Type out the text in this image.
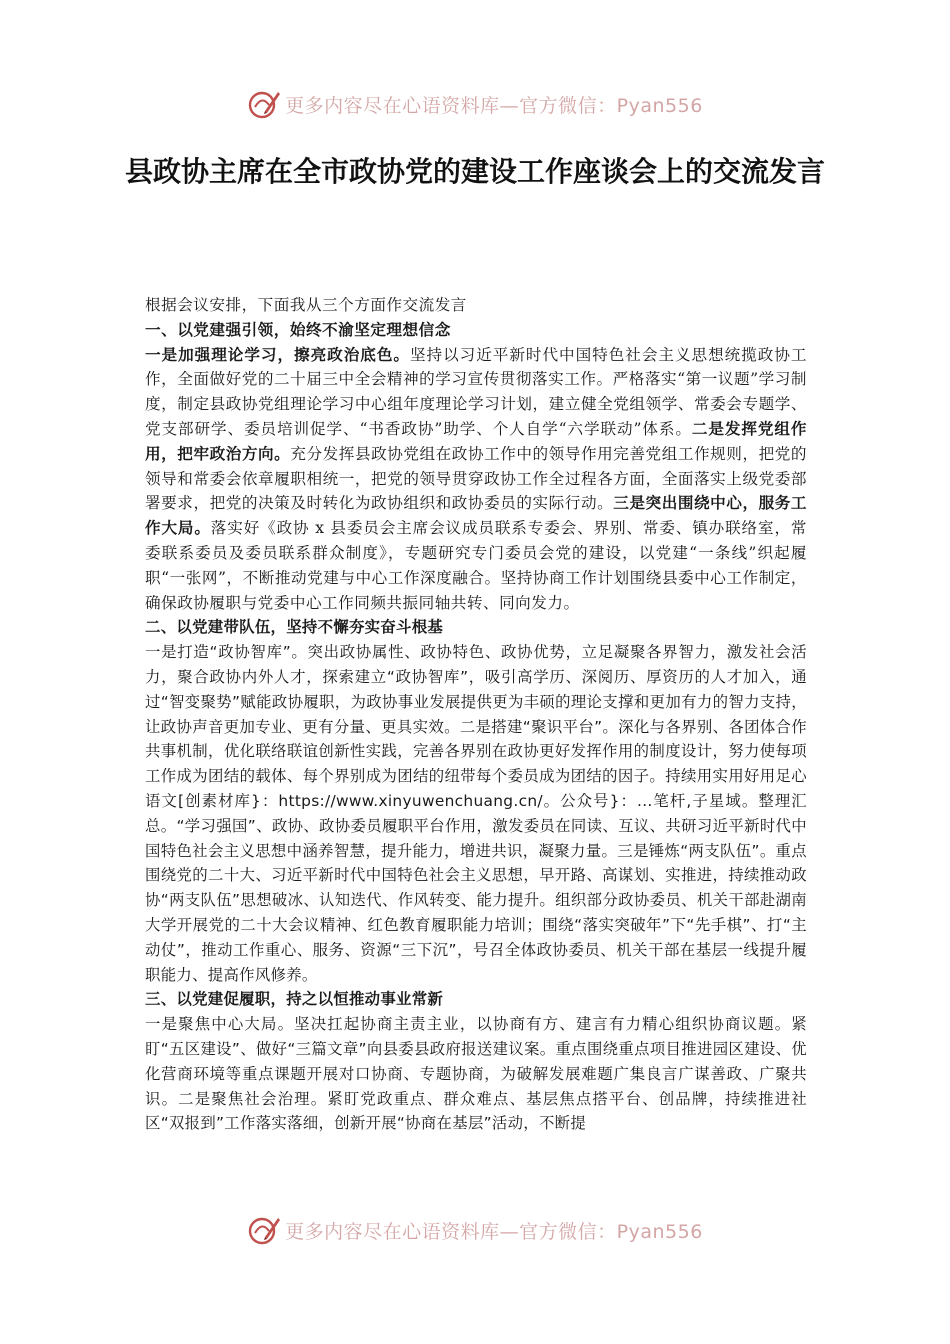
更多内容尽在心语资料库—官方微信：Pyan556
县政协主席在全市政协党的建设工作座谈会上的交流发言

根据会议安排，下面我从三个方面作交流发言

一、以党建强引领，始终不渝坚定理想信念

一是加强理论学习，擦亮政治底色。坚持以习近平新时代中国特色社会主义思想统揽政协工作，全面做好党的二十届三中全会精神的学习宣传贯彻落实工作。严格落实“第一议题”学习制度，制定县政协党组理论学习中心组年度理论学习计划，建立健全党组领学、常委会专题学、党支部研学、委员培训促学、“书香政协”助学、个人自学“六学联动”体系。二是发挥党组作用，把牢政治方向。充分发挥县政协党组在政协工作中的领导作用完善党组工作规则，把党的领导和常委会依章履职相统一，把党的领导贯穿政协工作全过程各方面，全面落实上级党委部署要求，把党的决策及时转化为政协组织和政协委员的实际行动。三是突出围绕中心，服务工作大局。落实好《政协 x 县委员会主席会议成员联系专委会、界别、常委、镇办联络室，常委联系委员及委员联系群众制度》，专题研究专门委员会党的建设，以党建“一条线”织起履职“一张网”，不断推动党建与中心工作深度融合。坚持协商工作计划围绕县委中心工作制定，确保政协履职与党委中心工作同频共振同轴共转、同向发力。

二、以党建带队伍，坚持不懈夯实奋斗根基

一是打造“政协智库”。突出政协属性、政协特色、政协优势，立足凝聚各界智力，激发社会活力，聚合政协内外人才，探索建立“政协智库”，吸引高学历、深阅历、厚资历的人才加入，通过“智变聚势”赋能政协履职，为政协事业发展提供更为丰硕的理论支撑和更加有力的智力支持，让政协声音更加专业、更有分量、更具实效。二是搭建“聚识平台”。深化与各界别、各团体合作共事机制，优化联络联谊创新性实践，完善各界别在政协更好发挥作用的制度设计，努力使每项工作成为团结的载体、每个界别成为团结的纽带每个委员成为团结的因子。持续用实用好用足心语文[创素材库}：https://www.xinyuwenchuang.cn/。公众号}：...笔杆,子星域。整理汇总。“学习强国”、政协、政协委员履职平台作用，激发委员在同读、互议、共研习近平新时代中国特色社会主义思想中涵养智慧，提升能力，增进共识，凝聚力量。三是锤炼“两支队伍”。重点围绕党的二十大、习近平新时代中国特色社会主义思想，早开路、高谋划、实推进，持续推动政协“两支队伍”思想破冰、认知迭代、作风转变、能力提升。组织部分政协委员、机关干部赴湖南大学开展党的二十大会议精神、红色教育履职能力培训；围绕“落实突破年”下“先手棋”、打“主动仗”，推动工作重心、服务、资源“三下沉”，号召全体政协委员、机关干部在基层一线提升履职能力、提高作风修养。

三、以党建促履职，持之以恒推动事业常新

一是聚焦中心大局。坚决扛起协商主责主业，以协商有方、建言有力精心组织协商议题。紧盯“五区建设”、做好“三篇文章”向县委县政府报送建议案。重点围绕重点项目推进园区建设、优化营商环境等重点课题开展对口协商、专题协商，为破解发展难题广集良言广谋善政、广聚共识。二是聚焦社会治理。紧盯党政重点、群众难点、基层焦点搭平台、创品牌，持续推进社区“双报到”工作落实落细，创新开展“协商在基层”活动，不断提

更多内容尽在心语资料库—官方微信：Pyan556
